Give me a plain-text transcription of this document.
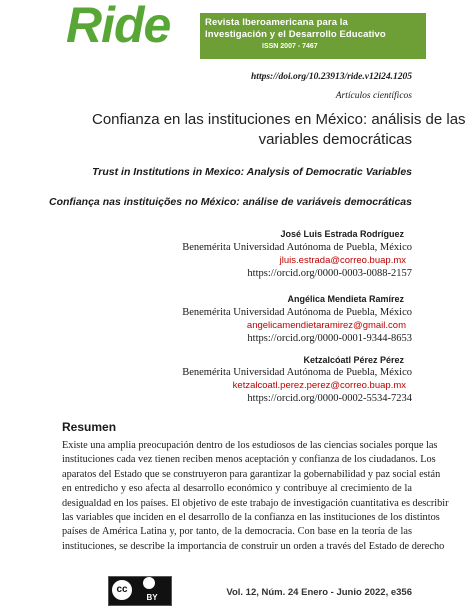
Ride	Revista Iberoamericana para la
Investigación y el Desarrollo Educativo
ISSN 2007 - 7467
https://doi.org/10.23913/ride.v12i24.1205
Artículos científicos
Confianza en las instituciones en México: análisis de las
variables democráticas
Trust in Institutions in Mexico: Analysis of Democratic Variables
Confiança nas instituições no México: análise de variáveis democráticas
José Luis Estrada Rodríguez
Benemérita Universidad Autónoma de Puebla, México
jluis.estrada@correo.buap.mx
https://orcid.org/0000-0003-0088-2157
Angélica Mendieta Ramírez
Benemérita Universidad Autónoma de Puebla, México
angelicamendietaramirez@gmail.com
https://orcid.org/0000-0001-9344-8653
Ketzalcóatl Pérez Pérez
Benemérita Universidad Autónoma de Puebla, México
ketzalcoatl.perez.perez@correo.buap.mx
https://orcid.org/0000-0002-5534-7234
Resumen
Existe una amplia preocupación dentro de los estudiosos de las ciencias sociales porque las
instituciones cada vez tienen reciben menos aceptación y confianza de los ciudadanos. Los
aparatos del Estado que se construyeron para garantizar la gobernabilidad y paz social están
en entredicho y eso afecta al desarrollo económico y contribuye al crecimiento de la
desigualdad en los países. El objetivo de este trabajo de investigación cuantitativa es describir
las variables que inciden en el desarrollo de la confianza en las instituciones de los distintos
países de América Latina y, por tanto, de la democracia. Con base en la teoría de las
instituciones, se describe la importancia de construir un orden a través del Estado de derecho
cc
BY	Vol. 12, Núm. 24 Enero - Junio 2022, e356
